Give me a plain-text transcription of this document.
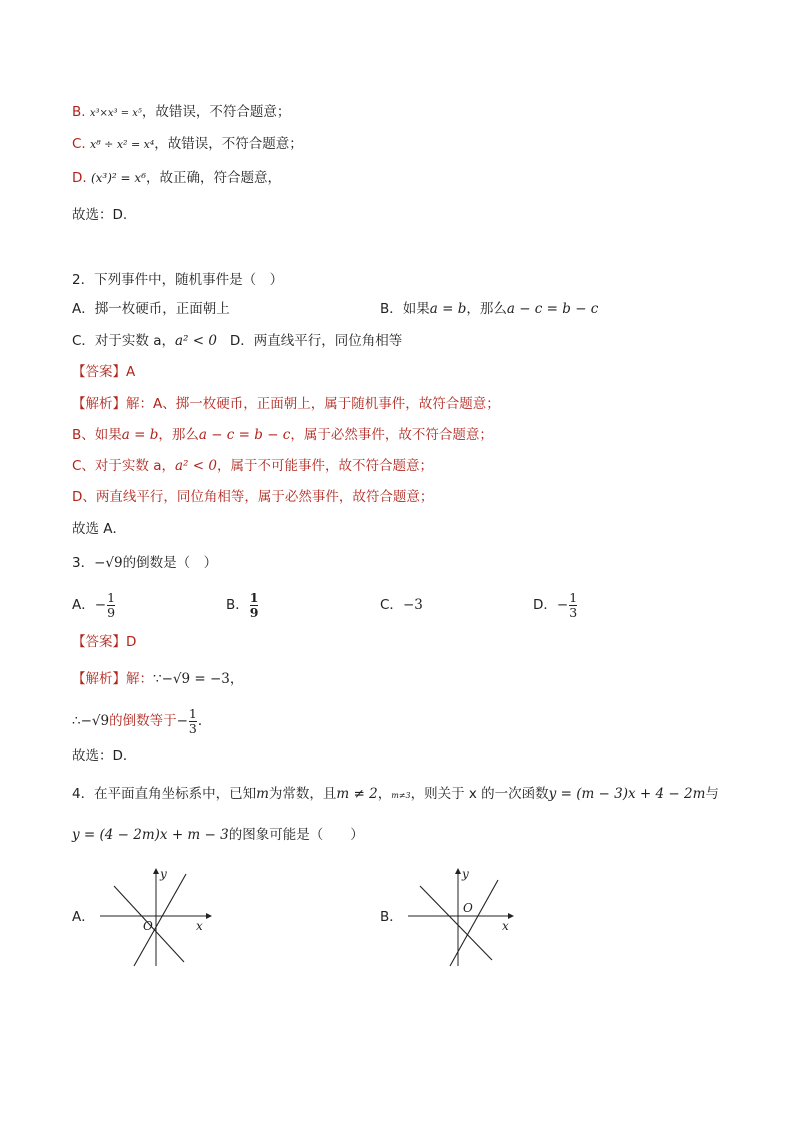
B. x³×x³ = x⁵，故错误，不符合题意；
C. x⁸ ÷ x² = x⁴，故错误，不符合题意；
D. (x³)² = x⁶，故正确，符合题意，
故选：D.
2．下列事件中，随机事件是（　）
A．掷一枚硬币，正面朝上	B．如果a = b，那么a − c = b − c
C．对于实数 a，a² < 0 D．两直线平行，同位角相等
【答案】A
【解析】解：A、掷一枚硬币，正面朝上，属于随机事件，故符合题意；
B、如果a = b，那么a − c = b − c，属于必然事件，故不符合题意；
C、对于实数 a，a² < 0，属于不可能事件，故不符合题意；
D、两直线平行，同位角相等，属于必然事件，故符合题意；
故选 A．
3．−√9的倒数是（　）
A．− $\frac{1}{9}$	B． $\frac{1}{9}$	C．−3	D．− $\frac{1}{3}$
【答案】D
【解析】解：∵−√9 = −3，
∴−√9的倒数等于− $\frac{1}{3}$ ．
故选：D．
4．在平面直角坐标系中，已知m为常数，且m ≠ 2，m≠3，则关于 x 的一次函数y = (m − 3)x + 4 − 2m与
y = (4 − 2m)x + m − 3的图象可能是（　　）
A．
y
x
O
B．
y
x
O
